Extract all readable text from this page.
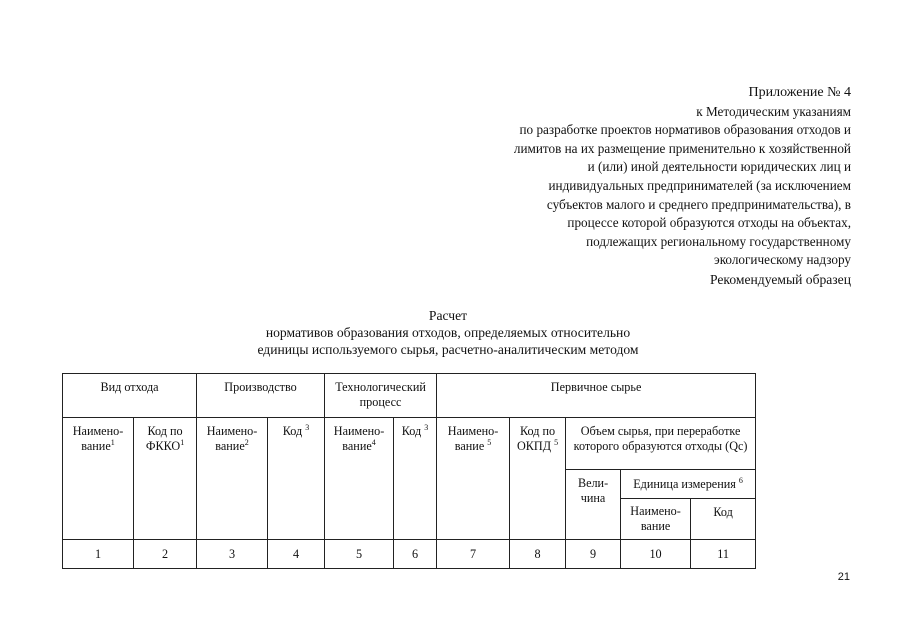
Приложение № 4
к Методическим указаниям
по разработке проектов нормативов образования отходов и
лимитов на их размещение применительно к хозяйственной
и (или) иной деятельности юридических лиц и
индивидуальных предпринимателей (за исключением
субъектов малого и среднего предпринимательства), в
процессе которой образуются отходы на объектах,
подлежащих региональному государственному
экологическому надзору
Рекомендуемый образец
Расчет
нормативов образования отходов, определяемых относительно
единицы используемого сырья, расчетно-аналитическим методом
Вид отхода		Производство		Технологический процесс		Первичное сырье				
Наимено-вание$^1$	Код по ФККО$^1$	Наимено-вание$^2$	Код $^3$	Наимено-вание$^4$	Код $^3$	Наимено-вание $^5$	Код по ОКПД $^5$	Объем сырья, при переработке которого образуются отходы (Qc)		
								Вели-чина	Единица измерения $^6$
									Наимено-вание	Код
1	2	3	4	5	6	7	8	9	10	11
21
